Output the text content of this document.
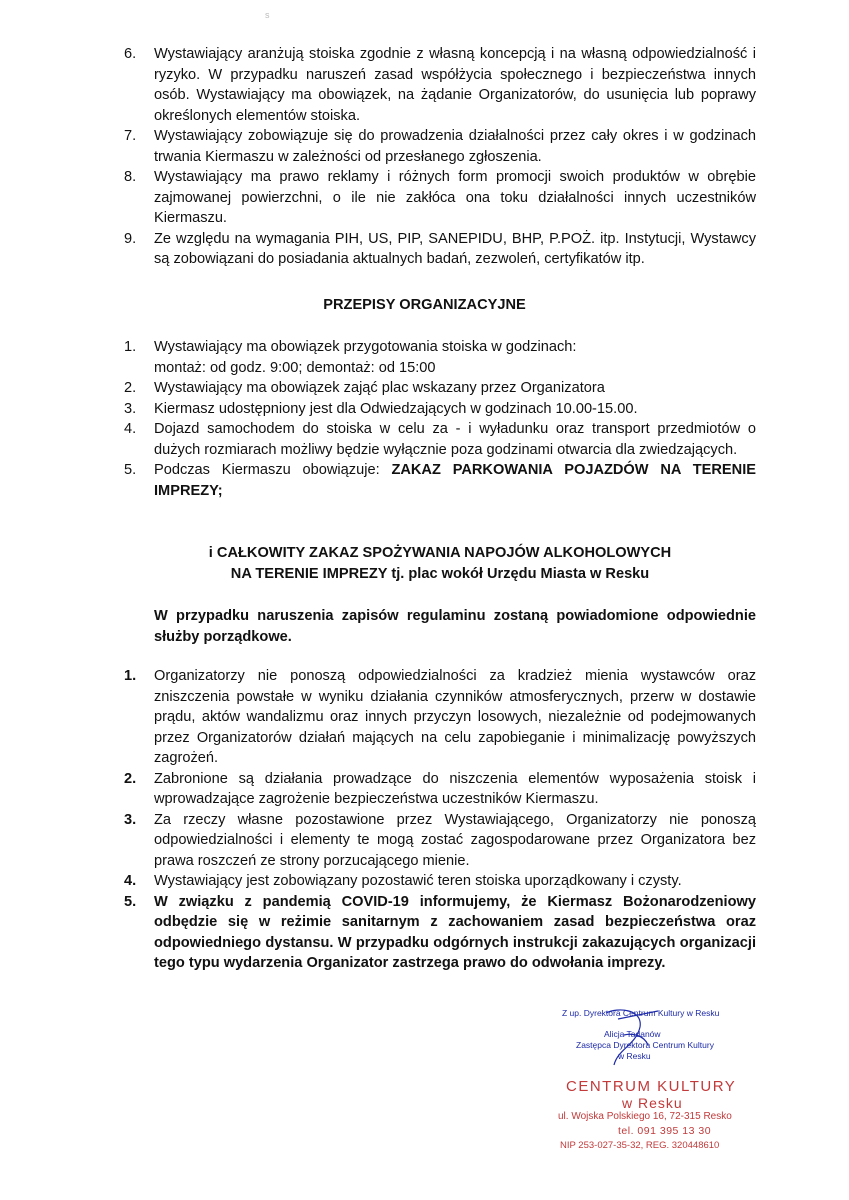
s
6.	Wystawiający aranżują stoiska zgodnie z własną koncepcją i na własną odpowiedzialność i ryzyko. W przypadku naruszeń zasad współżycia społecznego i bezpieczeństwa innych osób. Wystawiający ma obowiązek, na żądanie Organizatorów, do usunięcia lub poprawy określonych elementów stoiska.
7.	Wystawiający zobowiązuje się do prowadzenia działalności przez cały okres i w godzinach trwania Kiermaszu w zależności od przesłanego zgłoszenia.
8.	Wystawiający ma prawo reklamy i różnych form promocji swoich produktów w obrębie zajmowanej powierzchni, o ile nie zakłóca ona toku działalności innych uczestników Kiermaszu.
9.	Ze względu na wymagania PIH, US, PIP, SANEPIDU, BHP, P.POŻ. itp. Instytucji, Wystawcy są zobowiązani do posiadania aktualnych badań, zezwoleń, certyfikatów itp.
PRZEPISY ORGANIZACYJNE
1.	Wystawiający ma obowiązek przygotowania stoiska w godzinach:
montaż: od godz. 9:00; demontaż: od 15:00
2.	Wystawiający ma obowiązek zająć plac wskazany przez Organizatora
3.	Kiermasz udostępniony jest dla Odwiedzających w godzinach 10.00-15.00.
4.	Dojazd samochodem do stoiska w celu za - i wyładunku oraz transport przedmiotów o dużych rozmiarach możliwy będzie wyłącznie poza godzinami otwarcia dla zwiedzających.
5.	Podczas Kiermaszu obowiązuje: ZAKAZ PARKOWANIA POJAZDÓW NA TERENIE IMPREZY;
i CAŁKOWITY ZAKAZ SPOŻYWANIA NAPOJÓW ALKOHOLOWYCH
NA TERENIE IMPREZY tj. plac wokół Urzędu Miasta w Resku
W przypadku naruszenia zapisów regulaminu zostaną powiadomione odpowiednie służby porządkowe.
1.	Organizatorzy nie ponoszą odpowiedzialności za kradzież mienia wystawców oraz zniszczenia powstałe w wyniku działania czynników atmosferycznych, przerw w dostawie prądu, aktów wandalizmu oraz innych przyczyn losowych, niezależnie od podejmowanych przez Organizatorów działań mających na celu zapobieganie i minimalizację powyższych zagrożeń.
2.	Zabronione są działania prowadzące do niszczenia elementów wyposażenia stoisk i wprowadzające zagrożenie bezpieczeństwa uczestników Kiermaszu.
3.	Za rzeczy własne pozostawione przez Wystawiającego, Organizatorzy nie ponoszą odpowiedzialności i elementy te mogą zostać zagospodarowane przez Organizatora bez prawa roszczeń ze strony porzucającego mienie.
4.	Wystawiający jest zobowiązany pozostawić teren stoiska uporządkowany i czysty.
5.	W związku z pandemią COVID-19 informujemy, że Kiermasz Bożonarodzeniowy odbędzie się w reżimie sanitarnym z zachowaniem zasad bezpieczeństwa oraz odpowiedniego dystansu. W przypadku odgórnych instrukcji zakazujących organizacji tego typu wydarzenia Organizator zastrzega prawo do odwołania imprezy.
Z up. Dyrektora Centrum Kultury w Resku
Alicja Tadanów
Zastępca Dyrektora Centrum Kultury
w Resku
CENTRUM KULTURY
w Resku
ul. Wojska Polskiego 16, 72-315 Resko
tel. 091 395 13 30
NIP 253-027-35-32, REG. 320448610
